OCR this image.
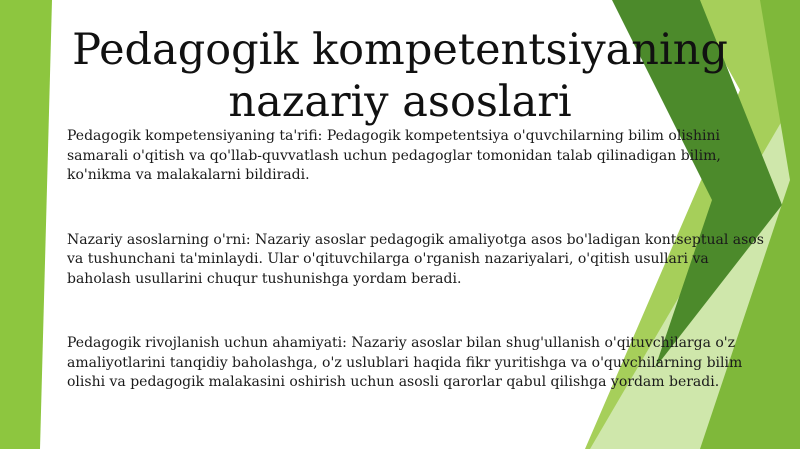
Pedagogik kompetentsiyaning nazariy asoslari

Pedagogik kompetensiyaning ta'rifi: Pedagogik kompetentsiya o'quvchilarning bilim olishini samarali o'qitish va qo'llab-quvvatlash uchun pedagoglar tomonidan talab qilinadigan bilim, ko'nikma va malakalarni bildiradi.

Nazariy asoslarning o'rni: Nazariy asoslar pedagogik amaliyotga asos bo'ladigan kontseptual asos va tushunchani ta'minlaydi. Ular o'qituvchilarga o'rganish nazariyalari, o'qitish usullari va baholash usullarini chuqur tushunishga yordam beradi.

Pedagogik rivojlanish uchun ahamiyati: Nazariy asoslar bilan shug'ullanish o'qituvchilarga o'z amaliyotlarini tanqidiy baholashga, o'z uslublari haqida fikr yuritishga va o'quvchilarning bilim olishi va pedagogik malakasini oshirish uchun asosli qarorlar qabul qilishga yordam beradi.
